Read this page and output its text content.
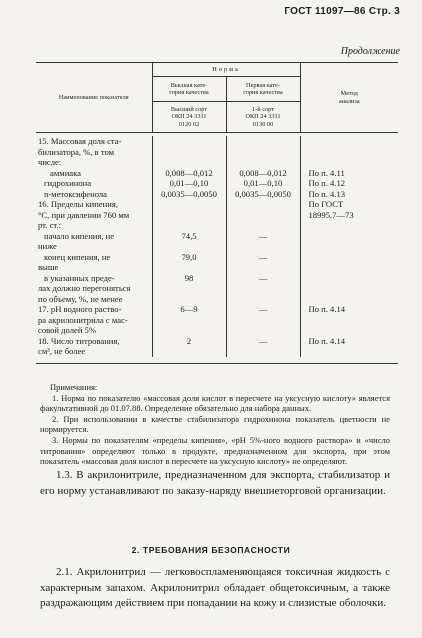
ГОСТ 11097—86 Стр. 3
Продолжение
Наименование показателя	Норма		Метод
анализа
	Высшая кате-
гория качества	Первая кате-
гория качества	
	Высший сорт
ОКП 24 3311
0120 02	1-й сорт
ОКП 24 3311
0130 00	

15. Массовая доля ста-			
билизатора, %, в том			
числе:			
аммиака	0,008—0,012	0,008—0,012	По п. 4.11
гидрохинона	0,01—0,10	0,01—0,10	По п. 4.12
n-метоксифенола	0,0035—0,0050	0,0035—0,0050	По п. 4.13
16. Пределы кипения,			По ГОСТ
°С, при давлении 760 мм			18995.7—73
рт. ст.:			
начало кипения, не	74,5	—	
ниже			
конец кипения, не	79,0	—	
выше			
в указанных преде-	98	—	
лах должно перегоняться			
по объему, %, не менее			
17. pH водного раство-	6—9	—	По п. 4.14
ра акрилонитрила с мас-			
совой долей 5%			
18. Число титрования,	2	—	По п. 4.14
см³, не более			

Примечания:

1. Норма по показателю «массовая доля кислот в пересчете на уксусную кислоту» является факультативной до 01.07.88. Определение обязательно для набора данных.

2. При использовании в качестве стабилизатора гидрохинона показатель цветности не нормируется.

3. Нормы по показателям «пределы кипения», «pH 5%-ного водного раствора» и «число титрования» определяют только в продукте, предназначенном для экспорта, при этом показатель «массовая доля кислот в пересчете на уксусную кислоту» не определяют.

1.3. В акрилонитриле, предназначенном для экспорта, стабилизатор и его норму устанавливают по заказу-наряду внешнеторговой организации.

2. ТРЕБОВАНИЯ БЕЗОПАСНОСТИ

2.1. Акрилонитрил — легковоспламеняющаяся токсичная жидкость с характерным запахом. Акрилонитрил обладает общетоксичным, а также раздражающим действием при попадании на кожу и слизистые оболочки.
